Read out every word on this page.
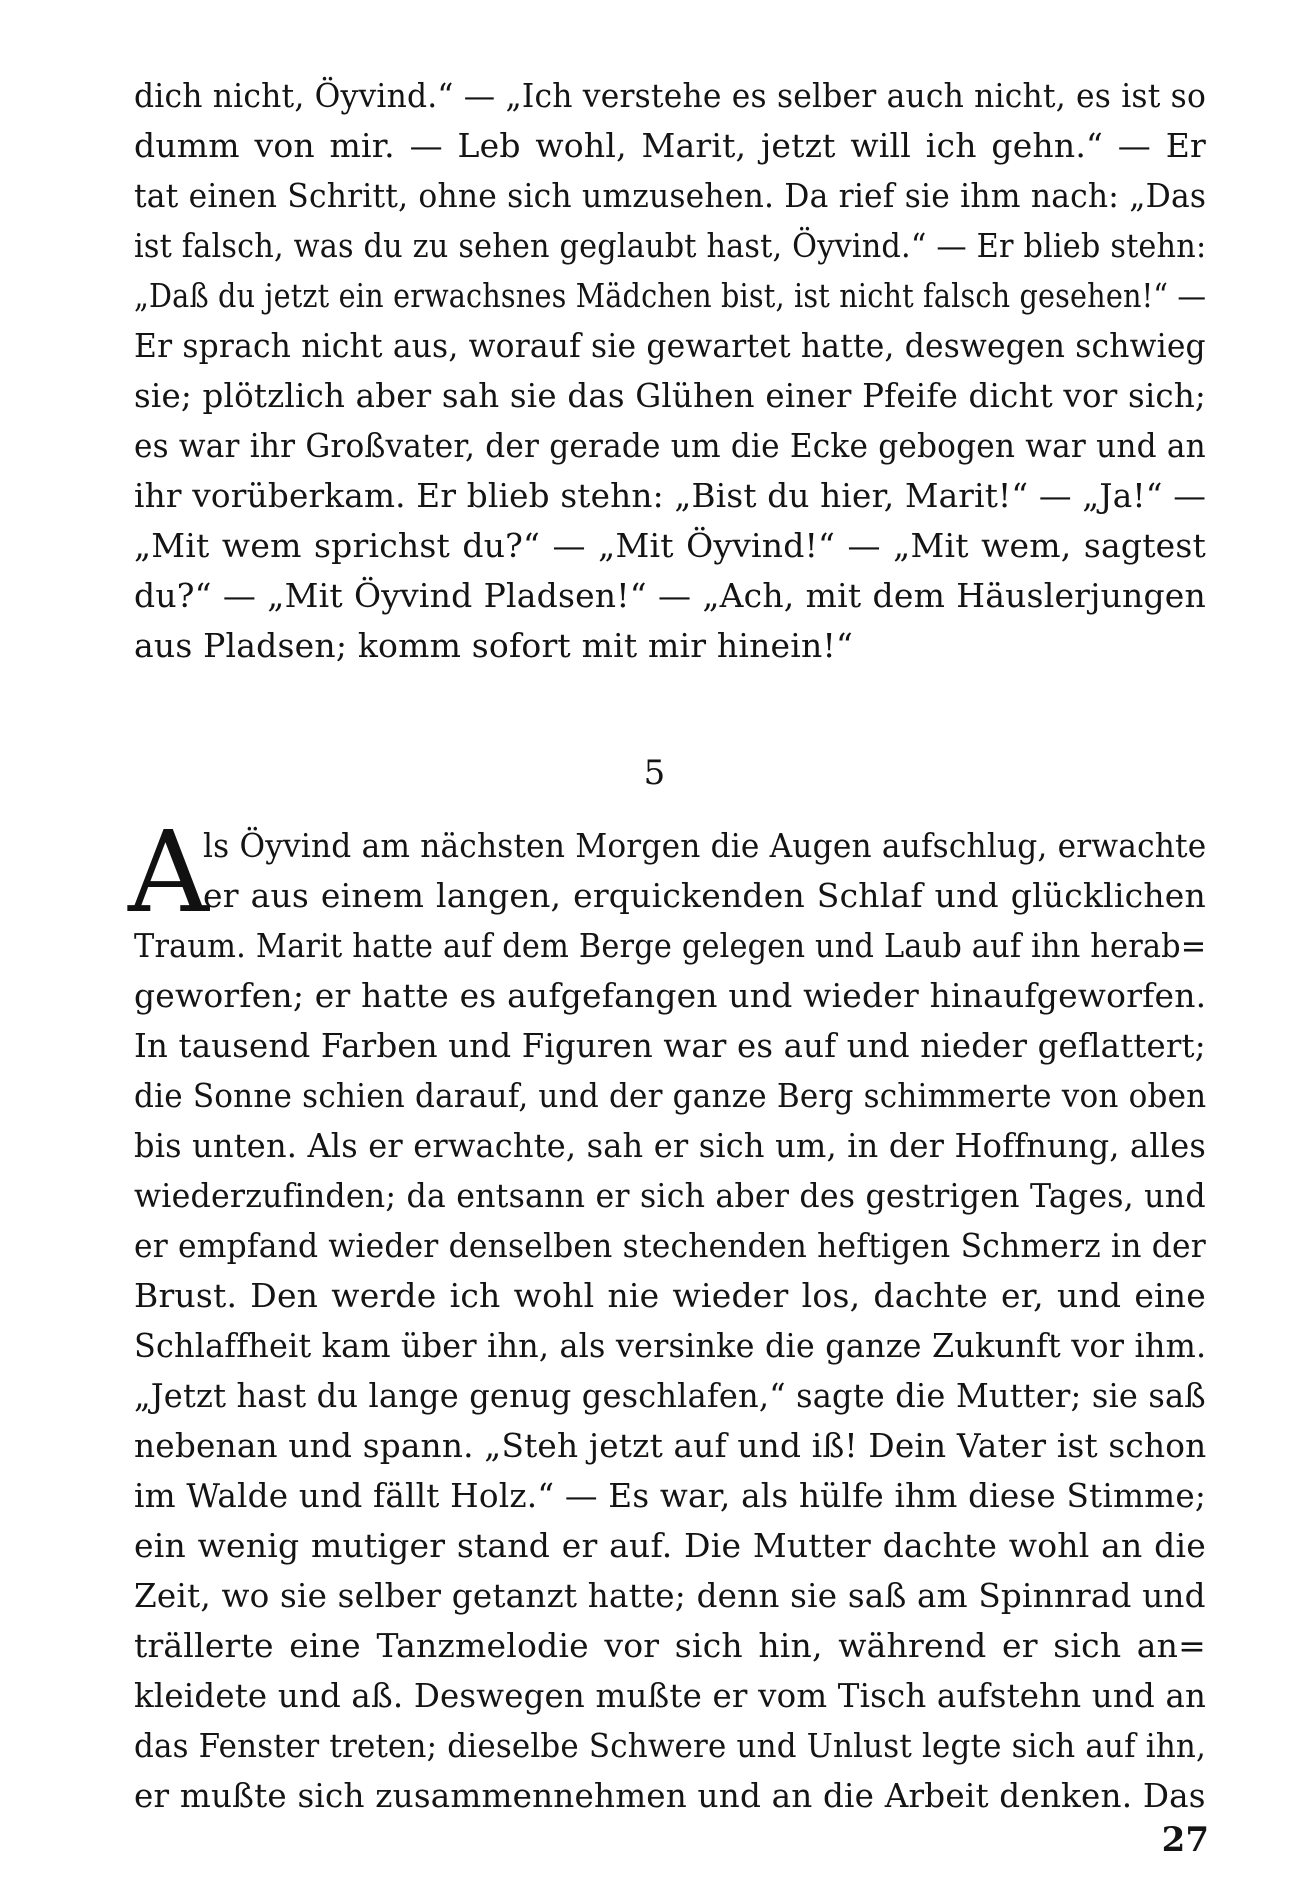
dich nicht, Öyvind.“ — „Ich verstehe es selber auch nicht, es ist so
dumm von mir. — Leb wohl, Marit, jetzt will ich gehn.“ — Er
tat einen Schritt, ohne sich umzusehen. Da rief sie ihm nach: „Das
ist falsch, was du zu sehen geglaubt hast, Öyvind.“ — Er blieb stehn:
„Daß du jetzt ein erwachsnes Mädchen bist, ist nicht falsch gesehen!“ —
Er sprach nicht aus, worauf sie gewartet hatte, deswegen schwieg
sie; plötzlich aber sah sie das Glühen einer Pfeife dicht vor sich;
es war ihr Großvater, der gerade um die Ecke gebogen war und an
ihr vorüberkam. Er blieb stehn: „Bist du hier, Marit!“ — „Ja!“ —
„Mit wem sprichst du?“ — „Mit Öyvind!“ — „Mit wem, sagtest
du?“ — „Mit Öyvind Pladsen!“ — „Ach, mit dem Häuslerjungen
aus Pladsen; komm sofort mit mir hinein!“
5
A
ls Öyvind am nächsten Morgen die Augen aufschlug, erwachte
er aus einem langen, erquickenden Schlaf und glücklichen
Traum. Marit hatte auf dem Berge gelegen und Laub auf ihn herab=
geworfen; er hatte es aufgefangen und wieder hinaufgeworfen.
In tausend Farben und Figuren war es auf und nieder geflattert;
die Sonne schien darauf, und der ganze Berg schimmerte von oben
bis unten. Als er erwachte, sah er sich um, in der Hoffnung, alles
wiederzufinden; da entsann er sich aber des gestrigen Tages, und
er empfand wieder denselben stechenden heftigen Schmerz in der
Brust. Den werde ich wohl nie wieder los, dachte er, und eine
Schlaffheit kam über ihn, als versinke die ganze Zukunft vor ihm.
„Jetzt hast du lange genug geschlafen,“ sagte die Mutter; sie saß
nebenan und spann. „Steh jetzt auf und iß! Dein Vater ist schon
im Walde und fällt Holz.“ — Es war, als hülfe ihm diese Stimme;
ein wenig mutiger stand er auf. Die Mutter dachte wohl an die
Zeit, wo sie selber getanzt hatte; denn sie saß am Spinnrad und
trällerte eine Tanzmelodie vor sich hin, während er sich an=
kleidete und aß. Deswegen mußte er vom Tisch aufstehn und an
das Fenster treten; dieselbe Schwere und Unlust legte sich auf ihn,
er mußte sich zusammennehmen und an die Arbeit denken. Das
27
